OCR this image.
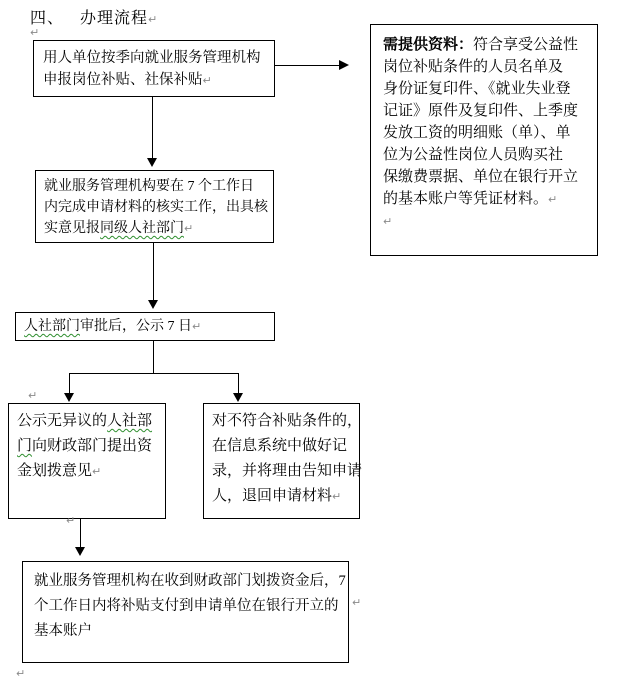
四、 办理流程↵
↵
用人单位按季向就业服务管理机构
申报岗位补贴、社保补贴↵
需提供资料：符合享受公益性
岗位补贴条件的人员名单及
身份证复印件、《就业失业登
记证》原件及复印件、上季度
发放工资的明细账（单）、单
位为公益性岗位人员购买社
保缴费票据、单位在银行开立
的基本账户等凭证材料。↵
↵
就业服务管理机构要在 7 个工作日
内完成申请材料的核实工作，出具核
实意见报同级人社部门↵
人社部门审批后，公示 7 日↵
↵
公示无异议的人社部
门向财政部门提出资
金划拨意见↵
对不符合补贴条件的，
在信息系统中做好记
录，并将理由告知申请
人，退回申请材料↵
↵
就业服务管理机构在收到财政部门划拨资金后，7
个工作日内将补贴支付到申请单位在银行开立的
基本账户
↵
↵
